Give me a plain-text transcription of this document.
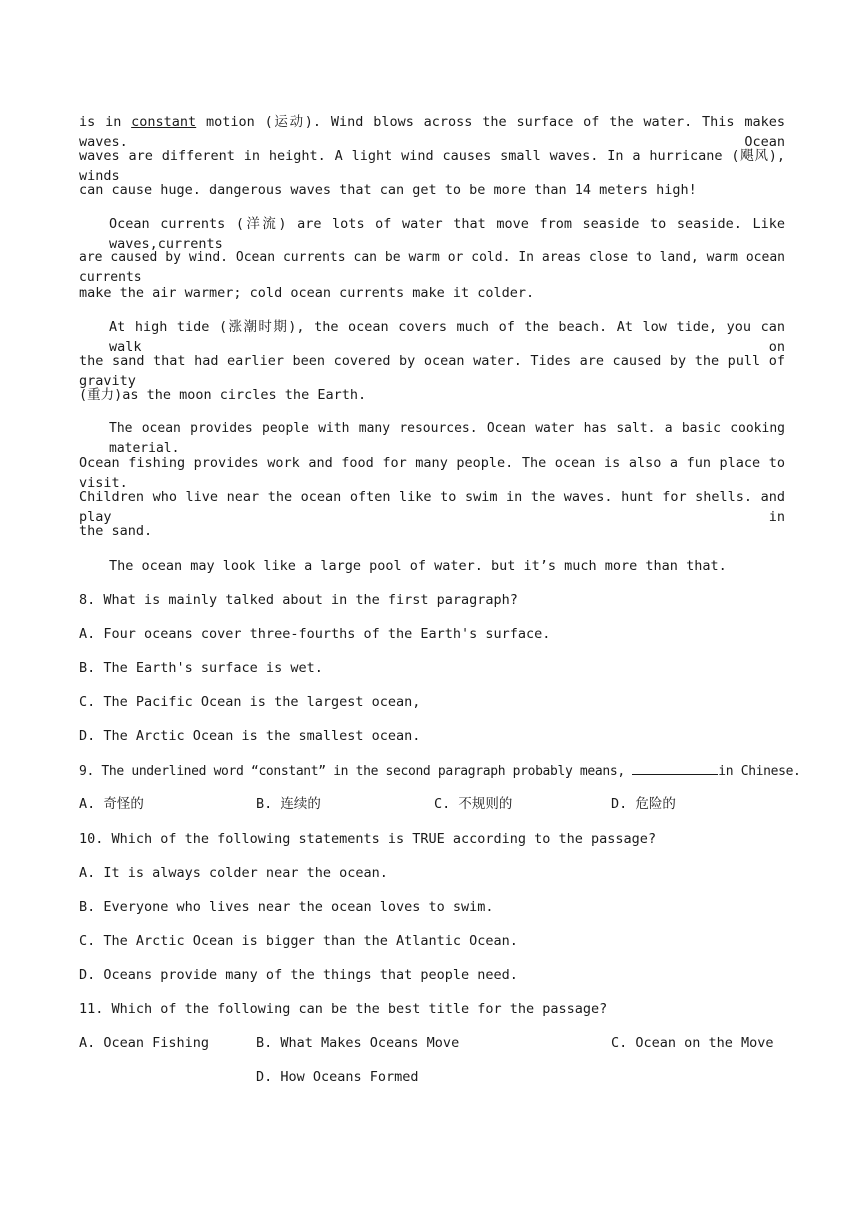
is in constant motion (运动). Wind blows across the surface of the water. This makes waves. Ocean
waves are different in height. A light wind causes small waves. In a hurricane (飓风), winds
can cause huge. dangerous waves that can get to be more than 14 meters high!
Ocean currents (洋流) are lots of water that move from seaside to seaside. Like waves,currents
are caused by wind. Ocean currents can be warm or cold. In areas close to land, warm ocean currents
make the air warmer; cold ocean currents make it colder.
At high tide (涨潮时期), the ocean covers much of the beach. At low tide, you can walk on
the sand that had earlier been covered by ocean water. Tides are caused by the pull of gravity
(重力)as the moon circles the Earth.
The ocean provides people with many resources. Ocean water has salt. a basic cooking material.
Ocean fishing provides work and food for many people. The ocean is also a fun place to visit.
Children who live near the ocean often like to swim in the waves. hunt for shells. and play in
the sand.
The ocean may look like a large pool of water. but it’s much more than that.
8. What is mainly talked about in the first paragraph?
A. Four oceans cover three-fourths of the Earth's surface.
B. The Earth's surface is wet.
C. The Pacific Ocean is the largest ocean,
D. The Arctic Ocean is the smallest ocean.
9. The underlined word “constant” in the second paragraph probably means,	in Chinese.
A. 奇怪的	B. 连续的	C. 不规则的	D. 危险的
10. Which of the following statements is TRUE according to the passage?
A. It is always colder near the ocean.
B. Everyone who lives near the ocean loves to swim.
C. The Arctic Ocean is bigger than the Atlantic Ocean.
D. Oceans provide many of the things that people need.
11. Which of the following can be the best title for the passage?
A. Ocean Fishing	B. What Makes Oceans Move	C. Ocean on the Move
D. How Oceans Formed
